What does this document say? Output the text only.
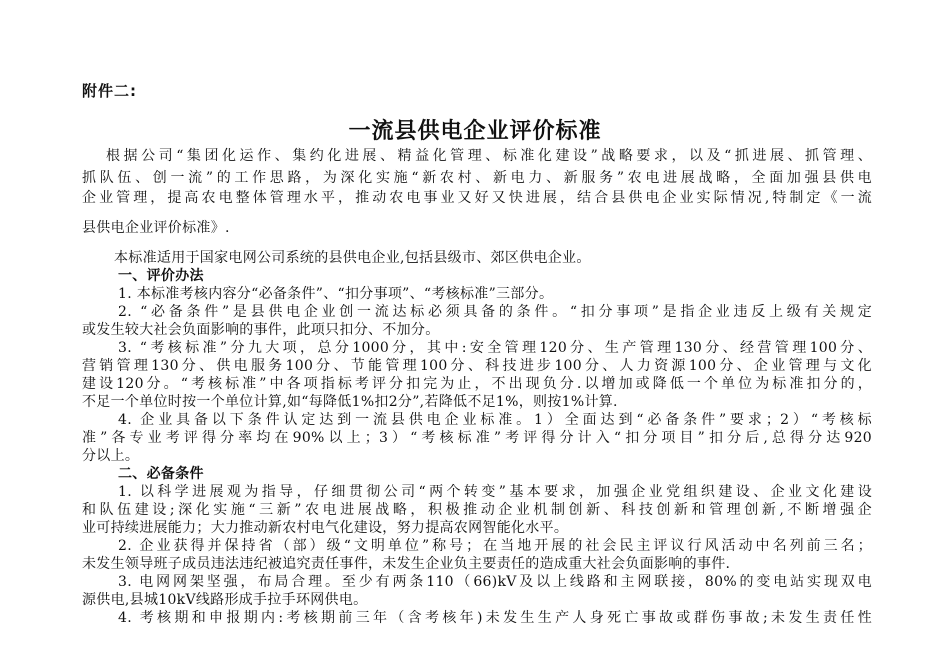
附件二:
一流县供电企业评价标准
根据公司“集团化运作、集约化进展、精益化管理、标准化建设”战略要求，以及“抓进展、抓管理、
抓队伍、创一流”的工作思路，为深化实施“新农村、新电力、新服务”农电进展战略，全面加强县供电
企业管理，提高农电整体管理水平，推动农电事业又好又快进展，结合县供电企业实际情况,特制定《一流
县供电企业评价标准》.
本标准适用于国家电网公司系统的县供电企业,包括县级市、郊区供电企业。
一、评价办法
1. 本标准考核内容分“必备条件”、“扣分事项”、“考核标准”三部分。
2. “必备条件”是县供电企业创一流达标必须具备的条件。“扣分事项”是指企业违反上级有关规定
或发生较大社会负面影响的事件，此项只扣分、不加分。
3. “考核标准”分九大项，总分1000分，其中:安全管理120分、生产管理130分、经营管理100分、
营销管理130分、供电服务100分、节能管理100分、科技进步100分、人力资源100分、企业管理与文化
建设120分。“考核标准”中各项指标考评分扣完为止，不出现负分.以增加或降低一个单位为标准扣分的，
不足一个单位时按一个单位计算,如“每降低1%扣2分”,若降低不足1%，则按1%计算.
4. 企业具备以下条件认定达到一流县供电企业标准。1）全面达到“必备条件”要求；2）“考核标
准”各专业考评得分率均在90%以上；3）“考核标准”考评得分计入“扣分项目”扣分后,总得分达920
分以上。
二、必备条件
1. 以科学进展观为指导，仔细贯彻公司“两个转变”基本要求，加强企业党组织建设、企业文化建设
和队伍建设;深化实施“三新”农电进展战略，积极推动企业机制创新、科技创新和管理创新,不断增强企
业可持续进展能力；大力推动新农村电气化建设，努力提高农网智能化水平。
2. 企业获得并保持省（部）级“文明单位”称号；在当地开展的社会民主评议行风活动中名列前三名；
未发生领导班子成员违法违纪被追究责任事件，未发生企业负主要责任的造成重大社会负面影响的事件.
3. 电网网架坚强，布局合理。至少有两条110（66)kV及以上线路和主网联接，80%的变电站实现双电
源供电,县城10kV线路形成手拉手环网供电。
4. 考核期和申报期内:考核期前三年（含考核年)未发生生产人身死亡事故或群伤事故;未发生责任性
